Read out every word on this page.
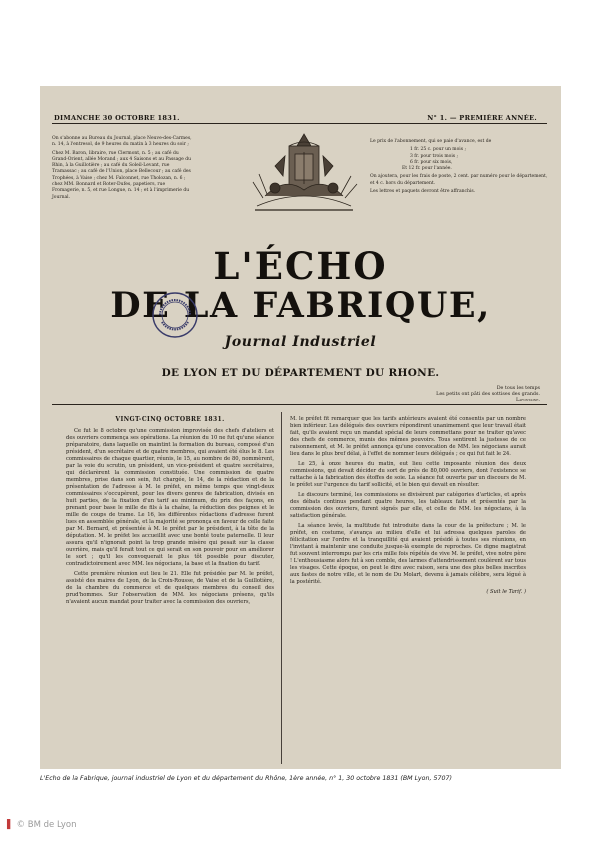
DIMANCHE 30 OCTOBRE 1831.	N° 1. — PREMIÈRE ANNÉE.

On s'abonne au Bureau du Journal, place Neuve-des-Carmes, n. 14, à l'entresol, de 9 heures du matin à 3 heures du soir ;

Chez M. Baron, libraire, rue Clermont, n. 5 ; au café du Grand-Orient, allée Morand ; aux 4 Saisons et au Passage du Rhin, à la Guillotière ; au café du Soleil-Levant, rue Tramassac ; au café de l'Union, place Bellecour ; au café des Trophées, à Vaise ; chez M. Falconnet, rue Tholozan, n. 6 ; chez MM. Bonnard et Roter-Dufes, papetiers, rue Fromagerie, n. 5, et rue Longue, n. 14 ; et à l'imprimerie du Journal.

Le prix de l'abonnement, qui se paie d'avance, est de

1 fr. 25 c. pour un mois ;

3 fr. pour trois mois ;

6 fr. pour six mois,

Et 12 fr. pour l'année.

On ajoutera, pour les frais de poste, 2 cent. par numéro pour le département, et 4 c. hors du département.

Les lettres et paquets devront être affranchis.

L'ÉCHO
DE LA FABRIQUE,
Journal Industriel
DE LYON ET DU DÉPARTEMENT DU RHONE.
De tous les temps
Les petits ont pâti des sottises des grands.
Lafontaine.
VINGT-CINQ OCTOBRE 1831.

Ce fut le 8 octobre qu'une commission improvisée des chefs d'ateliers et des ouvriers commença ses opérations. La réunion du 10 ne fut qu'une séance préparatoire, dans laquelle on maintint la formation du bureau, composé d'un président, d'un secrétaire et de quatre membres, qui avaient été élus le 8. Les commissaires de chaque quartier, réunis, le 15, au nombre de 80, nommèrent, par la voie du scrutin, un président, un vice-président et quatre secrétaires, qui déclarèrent la commission constituée. Une commission de quatre membres, prise dans son sein, fut chargée, le 14, de la rédaction et de la présentation de l'adresse à M. le préfet, en même temps que vingt-deux commissaires s'occupèrent, pour les divers genres de fabrication, divisés en huit parties, de la fixation d'un tarif au minimum, du prix des façons, en prenant pour base le mille de fils à la chaîne, la réduction des peignes et le mille de coups de trame. Le 16, les différentes rédactions d'adresse furent lues en assemblée générale, et la majorité se prononça en faveur de celle faite par M. Bernard, et présentée à M. le préfet par le président, à la tête de la députation. M. le préfet les accueillit avec une bonté toute paternelle. Il leur assura qu'il n'ignorait point la trop grande misère qui pesait sur la classe ouvrière, mais qu'il ferait tout ce qui serait en son pouvoir pour en améliorer le sort ; qu'il les convoquerait le plus tôt possible pour discuter, contradictoirement avec MM. les négocians, la base et la fixation du tarif.

Cette première réunion eut lieu le 21. Elle fut présidée par M. le préfet, assisté des maires de Lyon, de la Croix-Rousse, de Vaise et de la Guillotière, de la chambre du commerce et de quelques membres du conseil des prud'hommes. Sur l'observation de MM. les négocians présens, qu'ils n'avaient aucun mandat pour traiter avec la commission des ouvriers,

M. le préfet fit remarquer que les tarifs antérieurs avaient été consentis par un nombre bien inférieur. Les délégués des ouvriers répondirent unanimement que leur travail était fait, qu'ils avaient reçu un mandat spécial de leurs commettans pour ne traiter qu'avec des chefs de commerce, munis des mêmes pouvoirs. Tous sentirent la justesse de ce raisonnement, et M. le préfet annonça qu'une convocation de MM. les négocians aurait lieu dans le plus bref délai, à l'effet de nommer leurs délégués ; ce qui fut fait le 24.

Le 25, à onze heures du matin, eut lieu cette imposante réunion des deux commissions, qui devait décider du sort de près de 80,000 ouvriers, dont l'existence se rattache à la fabrication des étoffes de soie. La séance fut ouverte par un discours de M. le préfet sur l'urgence du tarif sollicité, et le bien qui devait en résulter.

Le discours terminé, les commissions se divisèrent par catégories d'articles, et après des débats continus pendant quatre heures, les tableaux faits et présentés par la commission des ouvriers, furent signés par elle, et celle de MM. les négocians, à la satisfaction générale.

La séance levée, la multitude fut introduite dans la cour de la préfecture ; M. le préfet, en costume, s'avança au milieu d'elle et lui adressa quelques paroles de félicitation sur l'ordre et la tranquillité qui avaient présidé à toutes ses réunions, en l'invitant à maintenir une conduite jusque-là exempte de reproches. Ce digne magistrat fut souvent interrompu par les cris mille fois répétés de vive M. le préfet, vive notre père ! L'enthousiasme alors fut à son comble, des larmes d'attendrissement coulèrent sur tous les visages. Cette époque, on peut le dire avec raison, sera une des plus belles inscrites aux fastes de notre ville, et le nom de Du Molart, devenu à jamais célèbre, sera légué à la postérité.

( Suit le Tarif. )
L'Echo de la Fabrique, journal industriel de Lyon et du département du Rhône, 1ère année, n° 1, 30 octobre 1831 (BM Lyon, 5707)
▌ © BM de Lyon
